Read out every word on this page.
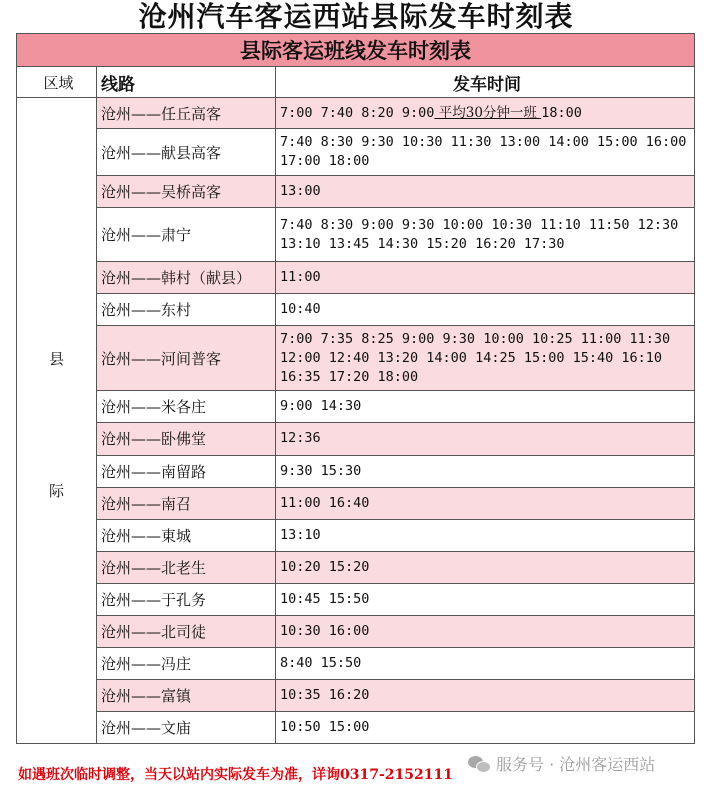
沧州汽车客运西站县际发车时刻表
县际客运班线发车时刻表		
区域	线路	发车时间

县
际	沧州——任丘高客	7:00 7:40 8:20 9:00 平均30分钟一班 18:00
	沧州——献县高客	7:40 8:30 9:30 10:30 11:30 13:00 14:00 15:00 16:00 17:00 18:00
	沧州——吴桥高客	13:00
	沧州——肃宁	7:40 8:30 9:00 9:30 10:00 10:30 11:10 11:50 12:30 13:10 13:45 14:30 15:20 16:20 17:30
	沧州——韩村（献县）	11:00
	沧州——东村	10:40
	沧州——河间普客	7:00 7:35 8:25 9:00 9:30 10:00 10:25 11:00 11:30 12:00 12:40 13:20 14:00 14:25 15:00 15:40 16:10 16:35 17:20 18:00
	沧州——米各庄	9:00 14:30
	沧州——卧佛堂	12:36
	沧州——南留路	9:30 15:30
	沧州——南召	11:00 16:40
	沧州——東城	13:10
	沧州——北老生	10:20 15:20
	沧州——于孔务	10:45 15:50
	沧州——北司徒	10:30 16:00
	沧州——冯庄	8:40 15:50
	沧州——富镇	10:35 16:20
	沧州——文庙	10:50 15:00
如遇班次临时调整，当天以站内实际发车为准，详询0317-2152111
服务号 · 沧州客运西站
